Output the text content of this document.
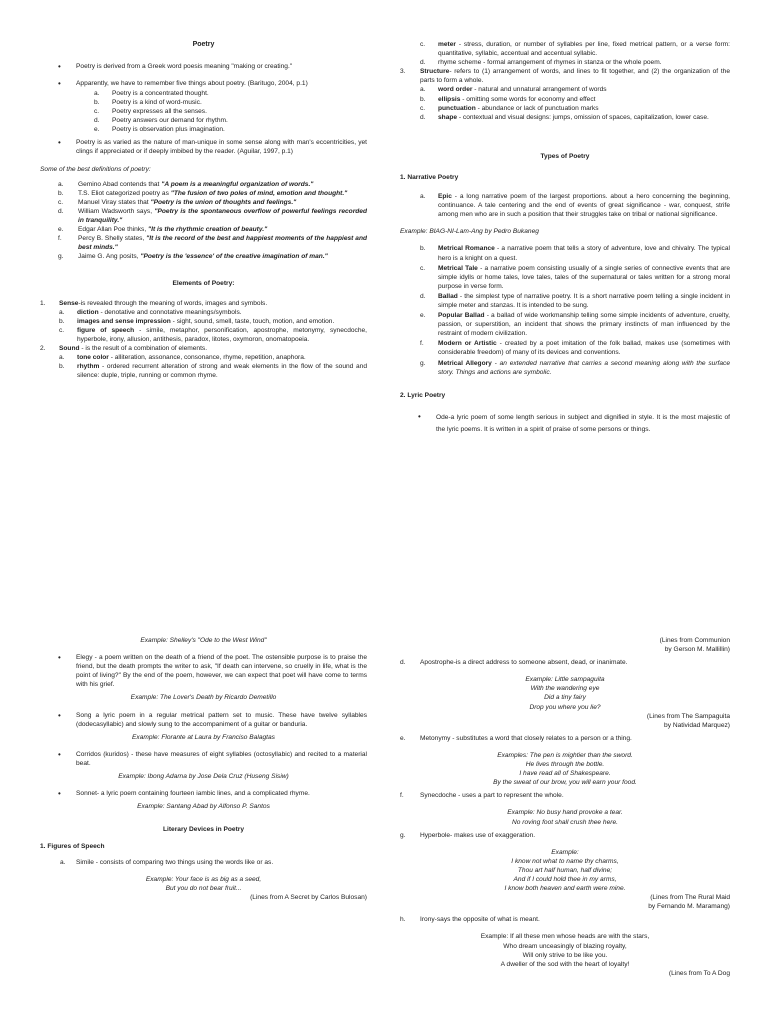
Poetry
• Poetry is derived from a Greek word poesis meaning "making or creating."
• Apparently, we have to remember five things about poetry. (Baritugo, 2004, p.1)
a. Poetry is a concentrated thought.
b. Poetry is a kind of word-music.
c. Poetry expresses all the senses.
d. Poetry answers our demand for rhythm.
e. Poetry is observation plus imagination.
• Poetry is as varied as the nature of man-unique in some sense along with man's eccentricities, yet clings if appreciated or if deeply imbibed by the reader. (Aguilar, 1997, p.1)
Some of the best definitions of poetry:
a. Gemino Abad contends that "A poem is a meaningful organization of words."
b. T.S. Eliot categorized poetry as "The fusion of two poles of mind, emotion and thought."
c. Manuel Viray states that "Poetry is the union of thoughts and feelings."
d. William Wadsworth says, "Poetry is the spontaneous overflow of powerful feelings recorded in tranquility."
e. Edgar Allan Poe thinks, "It is the rhythmic creation of beauty."
f. Percy B. Shelly states, "It is the record of the best and happiest moments of the happiest and best minds."
g. Jaime G. Ang posits, "Poetry is the 'essence' of the creative imagination of man."
Elements of Poetry:
1. Sense-is revealed through the meaning of words, images and symbols.
a. diction - denotative and connotative meanings/symbols.
b. images and sense impression - sight, sound, smell, taste, touch, motion, and emotion.
c. figure of speech - simile, metaphor, personification, apostrophe, metonymy, synecdoche, hyperbole, irony, allusion, antithesis, paradox, litotes, oxymoron, onomatopoeia.
2. Sound - is the result of a combination of elements.
a. tone color - alliteration, assonance, consonance, rhyme, repetition, anaphora.
b. rhythm - ordered recurrent alteration of strong and weak elements in the flow of the sound and silence: duple, triple, running or common rhyme.
c. meter - stress, duration, or number of syllables per line, fixed metrical pattern, or a verse form: quantitative, syllabic, accentual and accentual syllabic.
d. rhyme scheme - formal arrangement of rhymes in stanza or the whole poem.
3. Structure- refers to (1) arrangement of words, and lines to fit together, and (2) the organization of the parts to form a whole.
a. word order - natural and unnatural arrangement of words
b. ellipsis - omitting some words for economy and effect
c. punctuation - abundance or lack of punctuation marks
d. shape - contextual and visual designs: jumps, omission of spaces, capitalization, lower case.
Types of Poetry
1. Narrative Poetry
a. Epic - a long narrative poem of the largest proportions. about a hero concerning the beginning, continuance. A tale centering and the end of events of great significance - war, conquest, strife among men who are in such a position that their struggles take on tribal or national significance.
Example: BIAG-NI-Lam-Ang by Pedro Bukaneg
b. Metrical Romance - a narrative poem that tells a story of adventure, love and chivalry. The typical hero is a knight on a quest.
c. Metrical Tale - a narrative poem consisting usually of a single series of connective events that are simple idylls or home tales, love tales, tales of the supernatural or tales written for a strong moral purpose in verse form.
d. Ballad - the simplest type of narrative poetry. It is a short narrative poem telling a single incident in simple meter and stanzas. It is intended to be sung.
e. Popular Ballad - a ballad of wide workmanship telling some simple incidents of adventure, cruelty, passion, or superstition, an incident that shows the primary instincts of man influenced by the restraint of modern civilization.
f. Modern or Artistic - created by a poet imitation of the folk ballad, makes use (sometimes with considerable freedom) of many of its devices and conventions.
g. Metrical Allegory - an extended narrative that carries a second meaning along with the surface story. Things and actions are symbolic.
2. Lyric Poetry
• Ode-a lyric poem of some length serious in subject and dignified in style. It is the most majestic of the lyric poems. It is written in a spirit of praise of some persons or things.
Example: Shelley's "Ode to the West Wind"
• Elegy - a poem written on the death of a friend of the poet. The ostensible purpose is to praise the friend, but the death prompts the writer to ask, "If death can intervene, so cruelly in life, what is the point of living?" By the end of the poem, however, we can expect that poet will have come to terms with his grief.
Example: The Lover's Death by Ricardo Demetillo
• Song a lyric poem in a regular metrical pattern set to music. These have twelve syllables (dodecasyllabic) and slowly sung to the accompaniment of a guitar or banduria.
Example: Florante at Laura by Franciso Balagtas
• Corridos (kuridos) - these have measures of eight syllables (octosyllabic) and recited to a material beat.
Example: Ibong Adarna by Jose Dela Cruz (Huseng Sisiw)
• Sonnet- a lyric poem containing fourteen iambic lines, and a complicated rhyme.
Example: Santang Abad by Alfonso P. Santos
Literary Devices in Poetry
1. Figures of Speech
a. Simile - consists of comparing two things using the words like or as.
Example: Your face is as big as a seed,
But you do not bear fruit...
(Lines from A Secret by Carlos Bulosan)
(Lines from Communion
by Gerson M. Mallillin)
d. Apostrophe-is a direct address to someone absent, dead, or inanimate.
Example: Little sampaguita
With the wandering eye
Did a tiny fairy
Drop you where you lie?
(Lines from The Sampaguita
by Natividad Marquez)
e. Metonymy - substitutes a word that closely relates to a person or a thing.
Examples: The pen is mightier than the sword.
He lives through the bottle.
I have read all of Shakespeare.
By the sweat of our brow, you will earn your food.
f. Synecdoche - uses a part to represent the whole.
Example: No busy hand provoke a tear.
No roving foot shall crush thee here.
g. Hyperbole- makes use of exaggeration.
Example:
I know not what to name thy charms,
Thou art half human, half divine;
And if I could hold thee in my arms,
I know both heaven and earth were mine.
(Lines from The Rural Maid
by Fernando M. Maramang)
h. Irony-says the opposite of what is meant.
Example: If all these men whose heads are with the stars,
Who dream unceasingly of blazing royalty,
Will only strive to be like you.
A dweller of the sod with the heart of loyalty!
(Lines from To A Dog
